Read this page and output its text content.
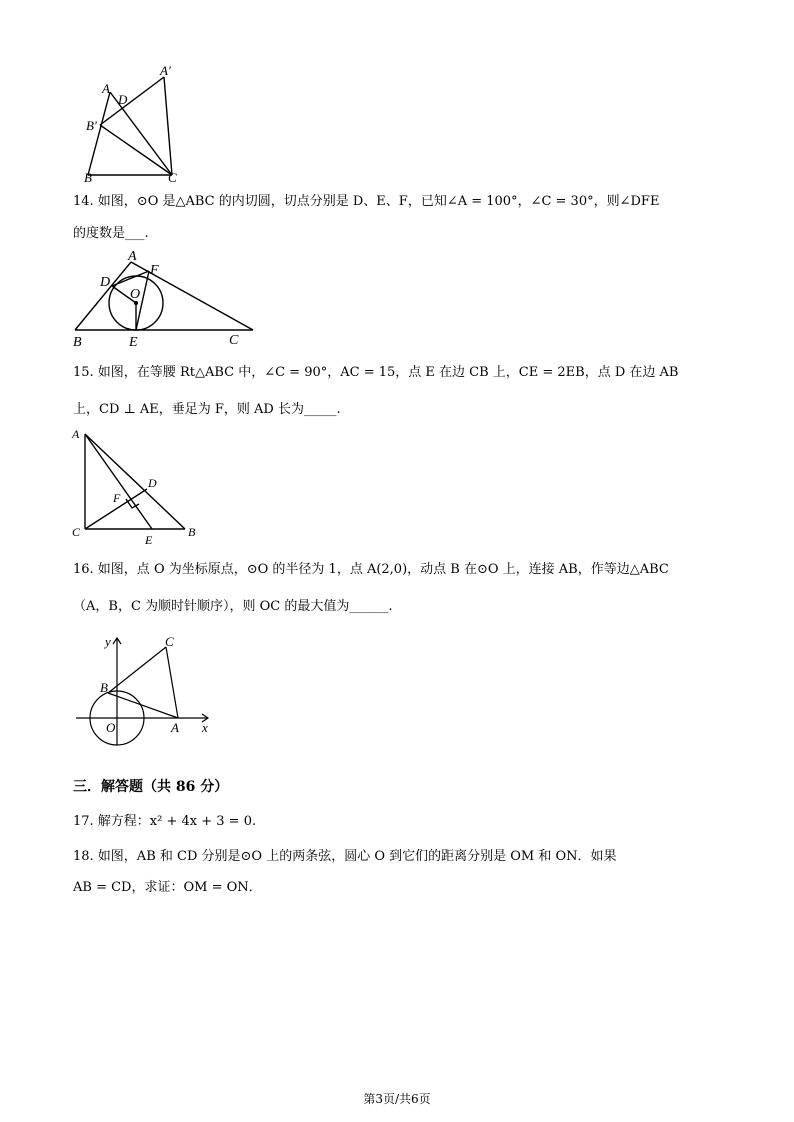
A
A′
D
B′
B	C
14. 如图，⊙O 是△ABC 的内切圆，切点分别是 D、E、F，已知∠A = 100°，∠C = 30°，则∠DFE
的度数是___.
A
D
F
O
B	E	C
15. 如图，在等腰 Rt△ABC 中，∠C = 90°，AC = 15，点 E 在边 CB 上，CE = 2EB，点 D 在边 AB
上，CD ⊥ AE，垂足为 F，则 AD 长为_____.
A
D
F
C
E
B
16. 如图，点 O 为坐标原点，⊙O 的半径为 1，点 A(2,0)，动点 B 在⊙O 上，连接 AB，作等边△ABC
（A，B，C 为顺时针顺序），则 OC 的最大值为______.
y	C
B
O	A x
三．解答题（共 86 分）
17. 解方程：x² + 4x + 3 = 0.
18. 如图，AB 和 CD 分别是⊙O 上的两条弦，圆心 O 到它们的距离分别是 OM 和 ON．如果
AB = CD，求证：OM = ON．
第3页/共6页
